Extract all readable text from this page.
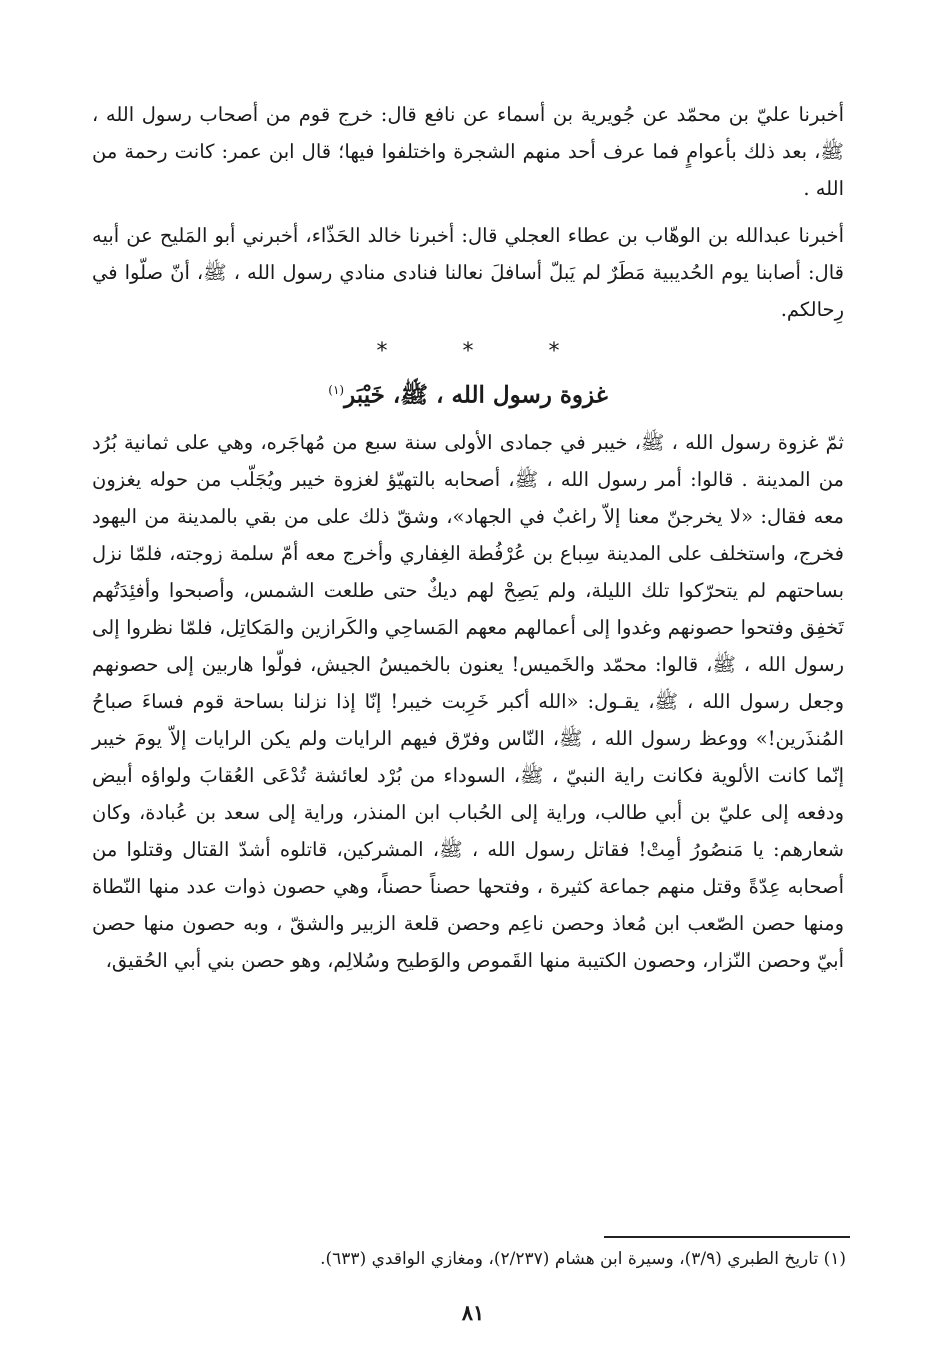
أخبرنا عليّ بن محمّد عن جُويرية بن أسماء عن نافع قال: خرج قوم من أصحاب رسول الله ، ﷺ، بعد ذلك بأعوامٍ فما عرف أحد منهم الشجرة واختلفوا فيها؛ قال ابن عمر: كانت رحمة من الله .

أخبرنا عبدالله بن الوهّاب بن عطاء العجلي قال: أخبرنا خالد الحَذّاء، أخبرني أبو المَليح عن أبيه قال: أصابنا يوم الحُديبية مَطَرٌ لم يَبلّ أسافلَ نعالنا فنادى منادي رسول الله ، ﷺ، أنّ صلّوا في رِحالكم.

* * *
غزوة رسول الله ، ﷺ، خَيْبَر$^{(١)}$

ثمّ غزوة رسول الله ، ﷺ، خيبر في جمادى الأولى سنة سبع من مُهاجَره، وهي على ثمانية بُرُد من المدينة . قالوا: أمر رسول الله ، ﷺ، أصحابه بالتهيّؤ لغزوة خيبر ويُجَلّب من حوله يغزون معه فقال: «لا يخرجنّ معنا إلاّ راغبٌ في الجهاد»، وشقّ ذلك على من بقي بالمدينة من اليهود فخرج، واستخلف على المدينة سِباع بن عُرْفُطة الغِفاري وأخرج معه أمّ سلمة زوجته، فلمّا نزل بساحتهم لم يتحرّكوا تلك الليلة، ولم يَصِحْ لهم ديكٌ حتى طلعت الشمس، وأصبحوا وأفئِدَتُهم تَخفِق وفتحوا حصونهم وغدوا إلى أعمالهم معهم المَساحِي والكَرازين والمَكاتِل، فلمّا نظروا إلى رسول الله ، ﷺ، قالوا: محمّد والخَميس! يعنون بالخميسُ الجيش، فولّوا هاربين إلى حصونهم وجعل رسول الله ، ﷺ، يقـول: «الله أكبر خَرِبت خيبر! إنّا إذا نزلنا بساحة قوم فساءَ صباحُ المُنذَرين!» ووعظ رسول الله ، ﷺ، النّاس وفرّق فيهم الرايات ولم يكن الرايات إلاّ يومَ خيبر إنّما كانت الألوية فكانت راية النبيّ ، ﷺ، السوداء من بُرْد لعائشة تُدْعَى العُقابَ ولواؤه أبيض ودفعه إلى عليّ بن أبي طالب، وراية إلى الحُباب ابن المنذر، وراية إلى سعد بن عُبادة، وكان شعارهم: يا مَنصُورُ أمِتْ! فقاتل رسول الله ، ﷺ، المشركين، قاتلوه أشدّ القتال وقتلوا من أصحابه عِدّةً وقتل منهم جماعة كثيرة ، وفتحها حصناً حصناً، وهي حصون ذوات عدد منها النّطاة ومنها حصن الصّعب ابن مُعاذ وحصن ناعِم وحصن قلعة الزبير والشقّ ، وبه حصون منها حصن أبيّ وحصن النّزار، وحصون الكتيبة منها القَموص والوَطيح وسُلالِم، وهو حصن بني أبي الحُقيق،

(١) تاريخ الطبري (٣/٩)، وسيرة ابن هشام (٢/٢٣٧)، ومغازي الواقدي (٦٣٣).
٨١
